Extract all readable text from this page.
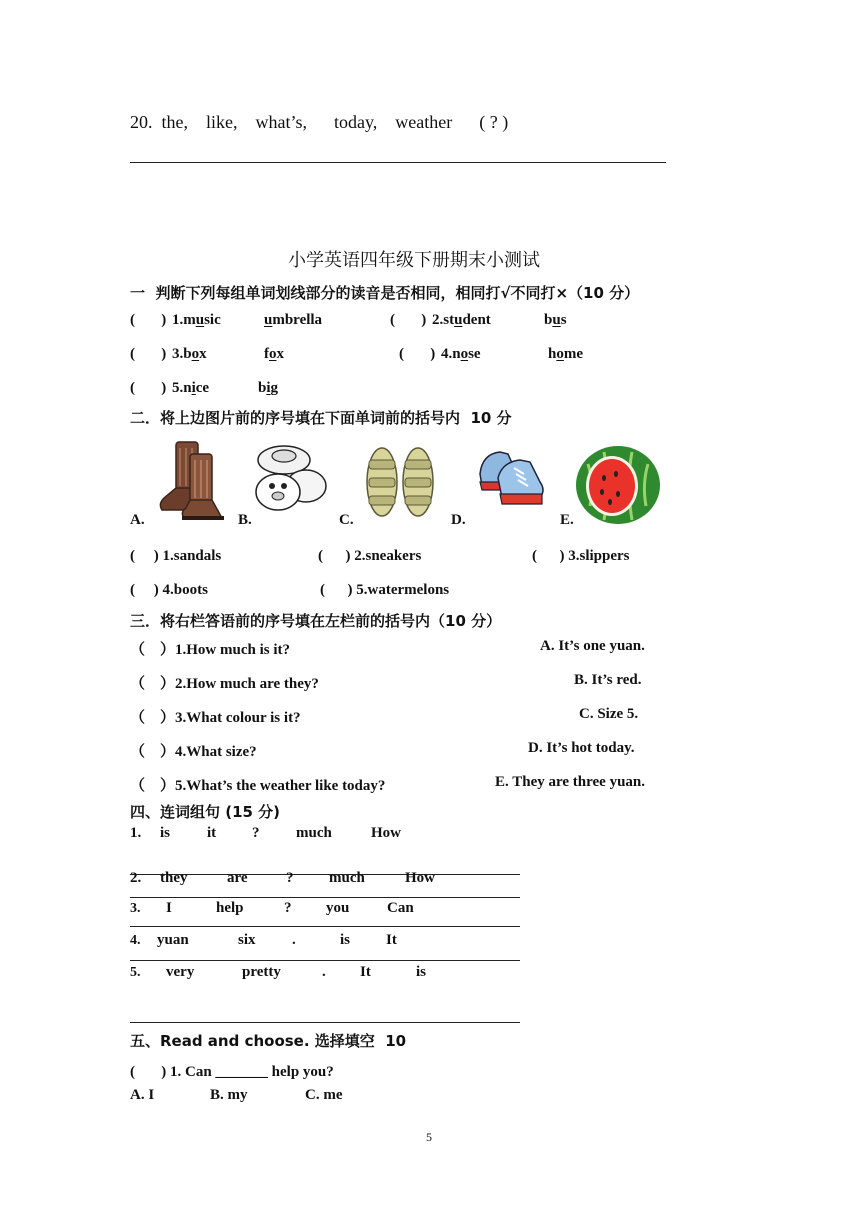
20.  the,    like,    what’s,      today,    weather      ( ? )
小学英语四年级下册期末小测试
一  判断下列每组单词划线部分的读音是否相同，相同打√不同打×（10 分）
(       ) 1.music	umbrella	(       ) 2.student	bus
(       ) 3.box	fox	(       ) 4.nose	home
(       ) 5.nice	big
二．将上边图片前的序号填在下面单词前的括号内  10 分
A.	B.	C.	D.	E.
(     ) 1.sandals	(      ) 2.sneakers	(      ) 3.slippers
(     ) 4.boots	(      ) 5.watermelons
三．将右栏答语前的序号填在左栏前的括号内（10 分）
（    ）1.How much is it?	A. It’s one yuan.
（    ）2.How much are they?	B. It’s red.
（    ）3.What colour is it?	C. Size 5.
（    ）4.What size?	D. It’s hot today.
（    ）5.What’s the weather like today?	E. They are three yuan.
四、连词组句 (15 分)
1. is it ? much	How
2. they	are	? much	How
3. I	help	? you	Can
4. yuan	six .	is It
5. very	pretty	. It	is
五、Read and choose. 选择填空  10
(       ) 1. Can _______ help you?
A. I	B. my	C. me
5
